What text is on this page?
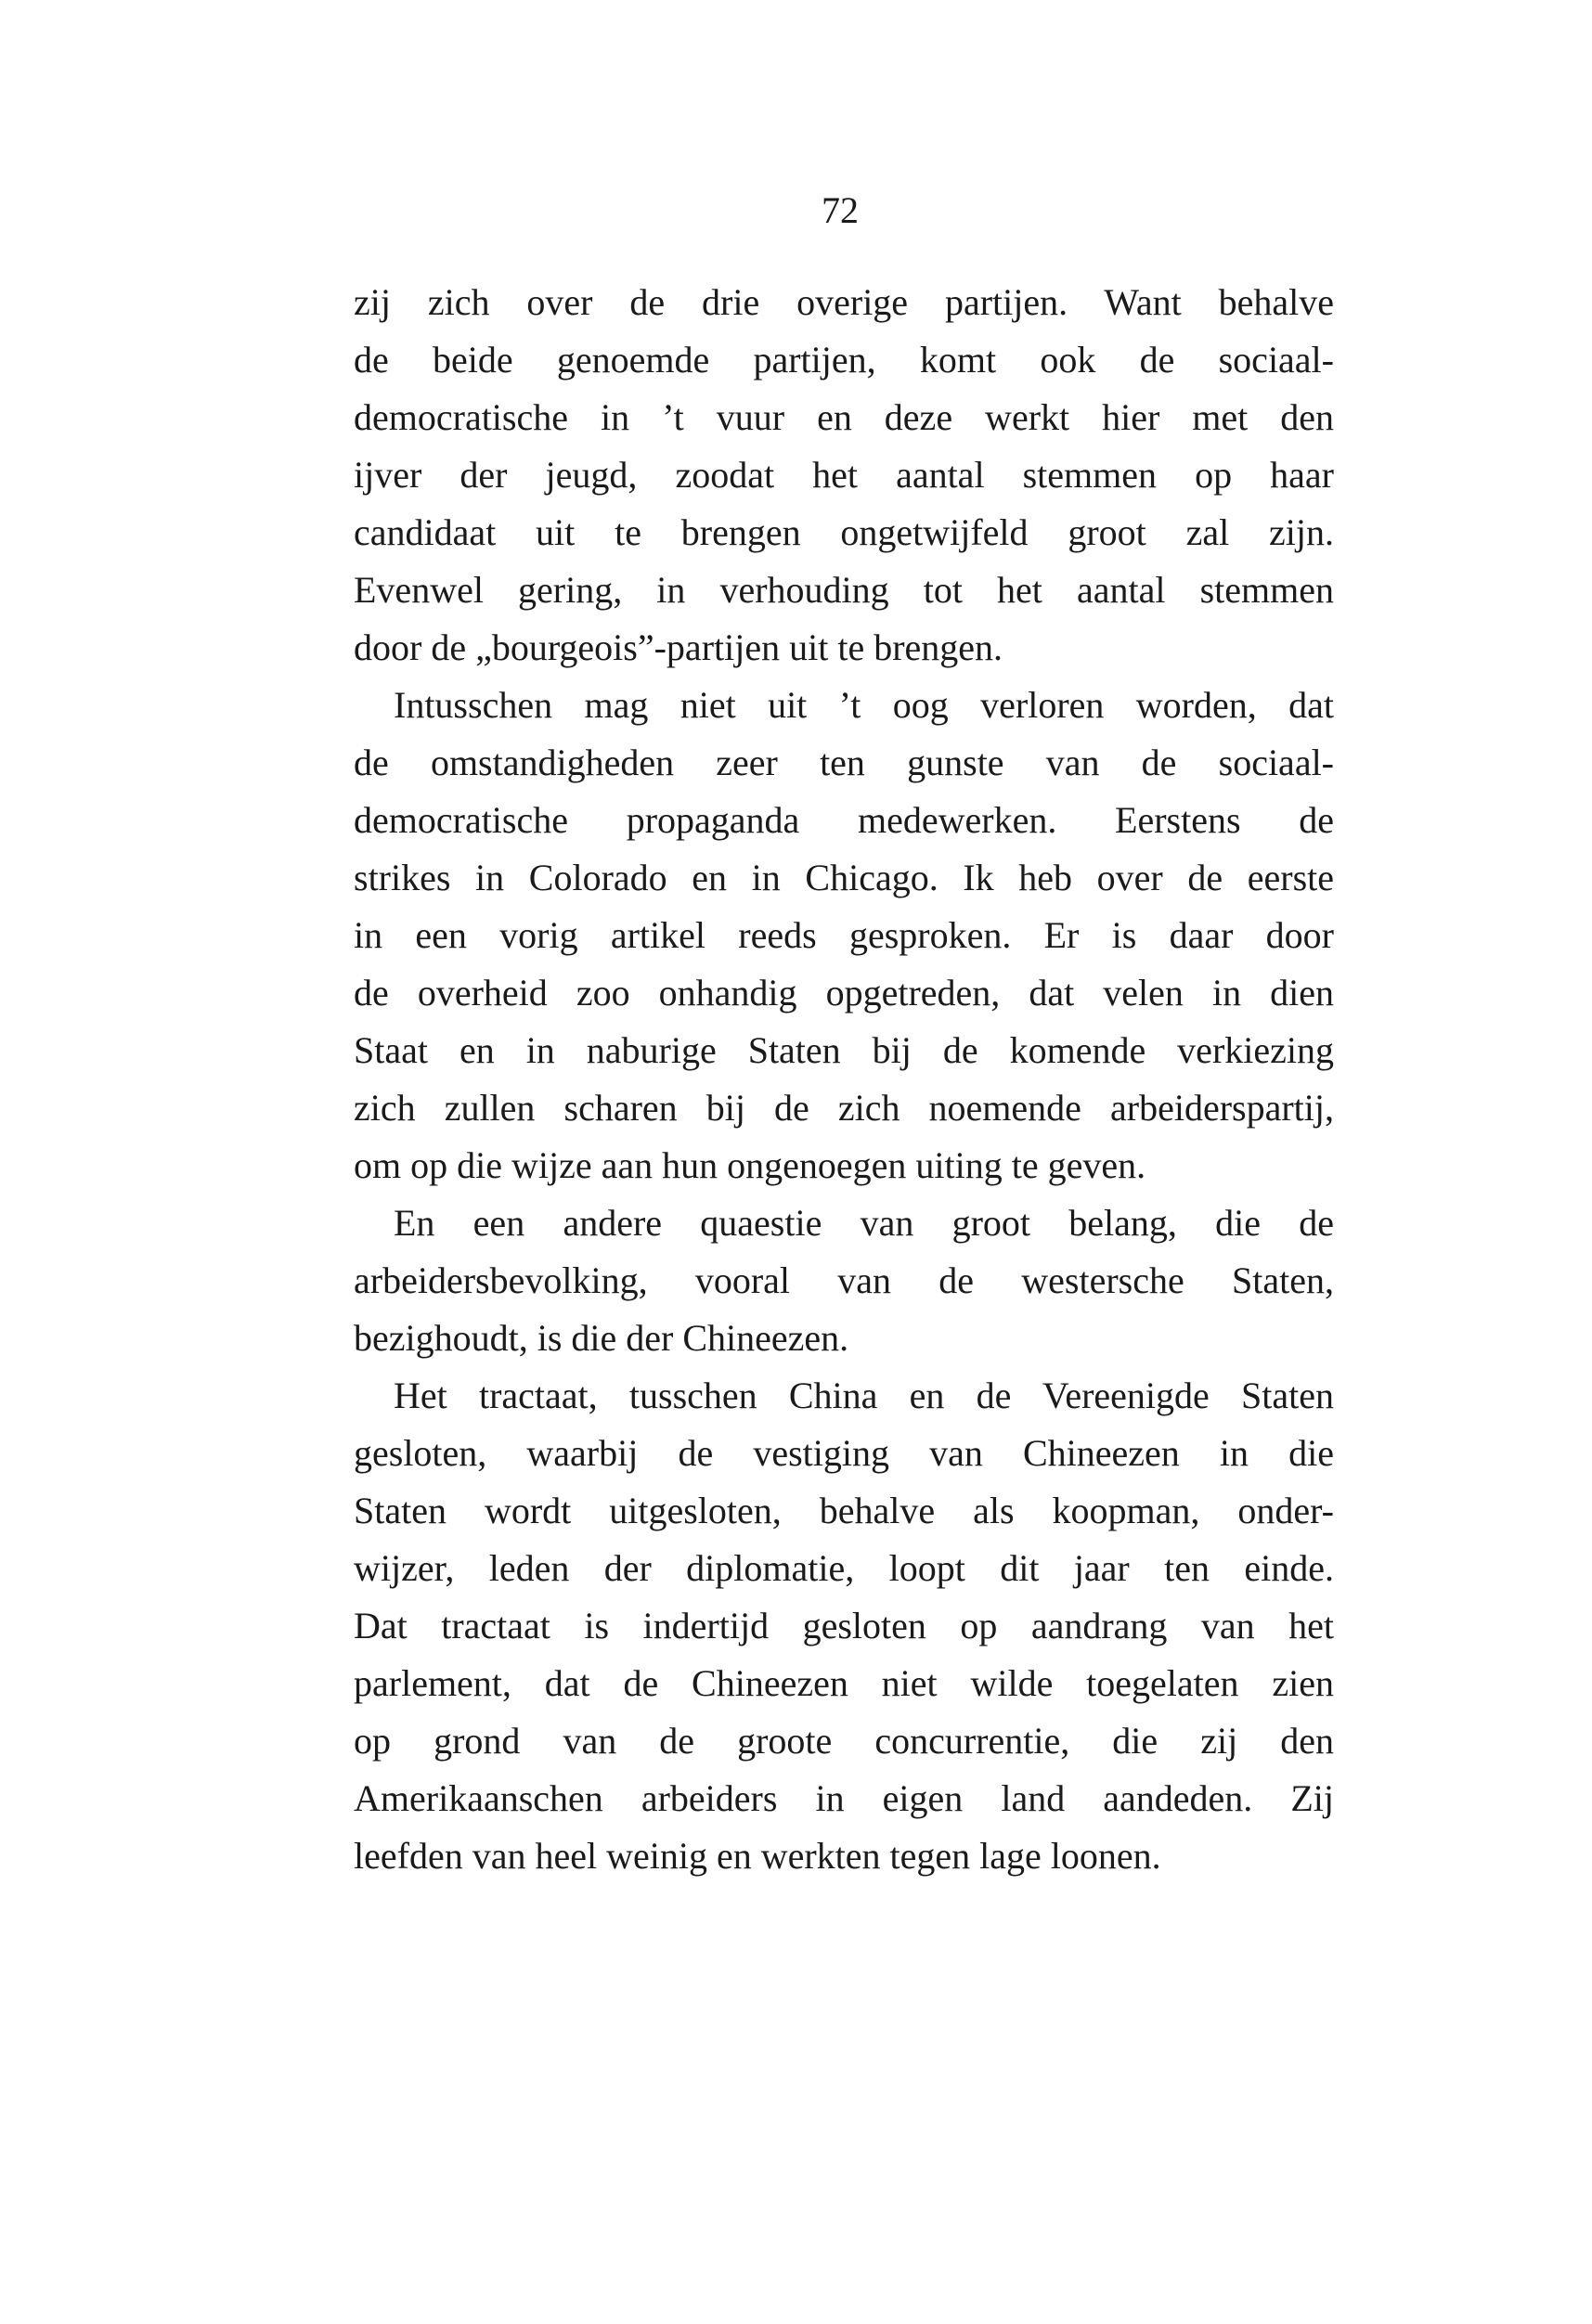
72
zij zich over de drie overige partijen. Want behalve
de beide genoemde partijen, komt ook de sociaal-
democratische in ’t vuur en deze werkt hier met den
ijver der jeugd, zoodat het aantal stemmen op haar
candidaat uit te brengen ongetwijfeld groot zal zijn.
Evenwel gering, in verhouding tot het aantal stemmen
door de „bourgeois”-partijen uit te brengen.
Intusschen mag niet uit ’t oog verloren worden, dat
de omstandigheden zeer ten gunste van de sociaal-
democratische propaganda medewerken. Eerstens de
strikes in Colorado en in Chicago. Ik heb over de eerste
in een vorig artikel reeds gesproken. Er is daar door
de overheid zoo onhandig opgetreden, dat velen in dien
Staat en in naburige Staten bij de komende verkiezing
zich zullen scharen bij de zich noemende arbeiderspartij,
om op die wijze aan hun ongenoegen uiting te geven.
En een andere quaestie van groot belang, die de
arbeidersbevolking, vooral van de westersche Staten,
bezighoudt, is die der Chineezen.
Het tractaat, tusschen China en de Vereenigde Staten
gesloten, waarbij de vestiging van Chineezen in die
Staten wordt uitgesloten, behalve als koopman, onder-
wijzer, leden der diplomatie, loopt dit jaar ten einde.
Dat tractaat is indertijd gesloten op aandrang van het
parlement, dat de Chineezen niet wilde toegelaten zien
op grond van de groote concurrentie, die zij den
Amerikaanschen arbeiders in eigen land aandeden. Zij
leefden van heel weinig en werkten tegen lage loonen.
